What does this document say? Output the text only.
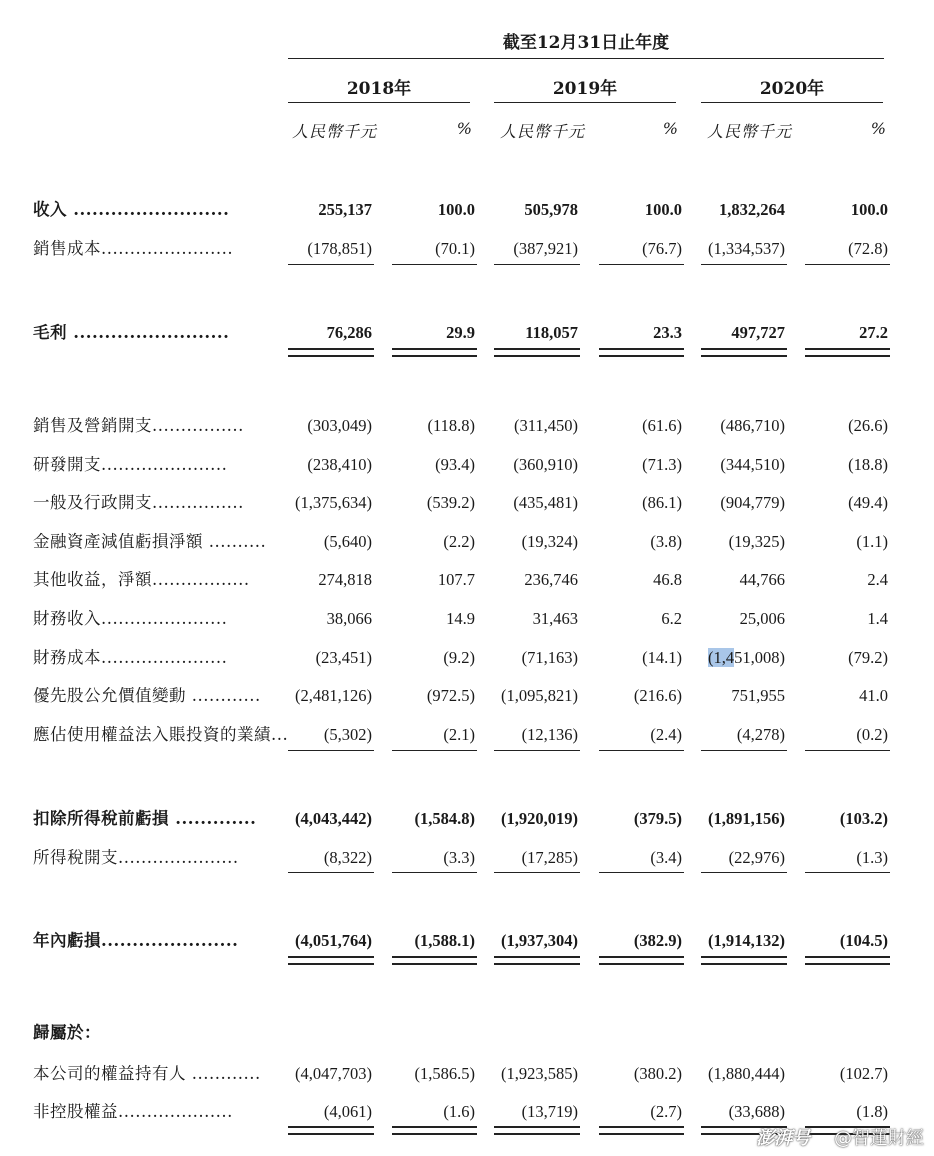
截至12月31日止年度
2018年	2019年	2020年
人民幣千元	% 人民幣千元	% 人民幣千元	%
收入 .........................	255,137	100.0	505,978	100.0 1,832,264	100.0
銷售成本.......................	(178,851)	(70.1) (387,921)	(76.7) (1,334,537)	(72.8)
毛利 .........................	76,286	29.9	118,057	23.3	497,727	27.2
銷售及營銷開支................	(303,049)	(118.8) (311,450)	(61.6) (486,710)	(26.6)
研發開支......................	(238,410)	(93.4) (360,910)	(71.3) (344,510)	(18.8)
一般及行政開支................	(1,375,634)	(539.2) (435,481)	(86.1) (904,779)	(49.4)
金融資產減值虧損淨額 ..........	(5,640)	(2.2)	(19,324)	(3.8)	(19,325)	(1.1)
其他收益，淨額.................	274,818	107.7	236,746	46.8	44,766	2.4
財務收入......................	38,066	14.9	31,463	6.2	25,006	1.4
財務成本......................	(23,451)	(9.2)	(71,163)	(14.1) (1,451,008)	(79.2)
優先股公允價值變動 ............ (2,481,126)	(972.5) (1,095,821)	(216.6)	751,955	41.0
應佔使用權益法入賬投資的業績... (5,302)	(2.1)	(12,136)	(2.4)	(4,278)	(0.2)
扣除所得稅前虧損 ............. (4,043,442)	(1,584.8) (1,920,019)	(379.5) (1,891,156)	(103.2)
所得稅開支.....................	(8,322)	(3.3)	(17,285)	(3.4)	(22,976)	(1.3)
年內虧損......................	(4,051,764)	(1,588.1) (1,937,304)	(382.9) (1,914,132)	(104.5)
歸屬於：
本公司的權益持有人 ............ (4,047,703)	(1,586.5) (1,923,585)	(380.2) (1,880,444)	(102.7)
非控股權益....................	(4,061)	(1.6)	(13,719)	(2.7)	(33,688)	(1.8)
澎湃号 @智蓮財經
